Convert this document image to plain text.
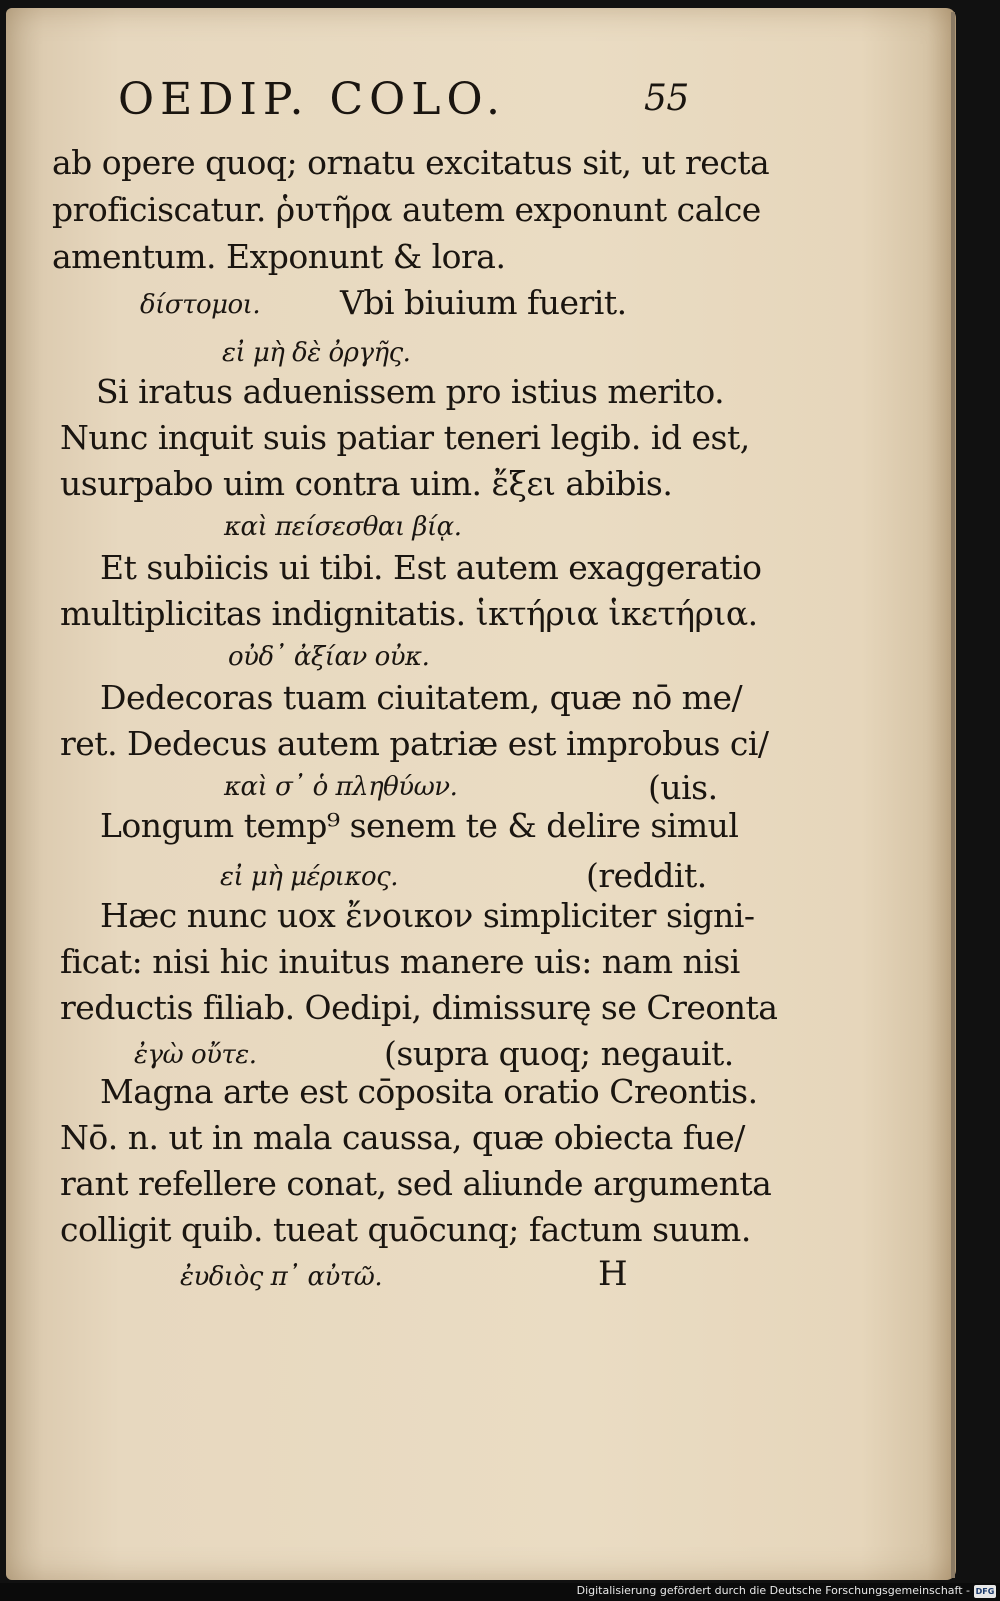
OEDIP. COLO.	55
ab opere quoq; ornatu excitatus sit, ut recta
proficiscatur. ῥυτῆρα autem exponunt calce
amentum. Exponunt & lora.
δίστομοι. Vbi biuium fuerit.
εἰ μὴ δὲ ὀργῆς.
Si iratus aduenissem pro istius merito.
Nunc inquit suis patiar teneri legib. id est,
usurpabo uim contra uim. ἔξει abibis.
καὶ πείσεσθαι βίᾳ.
Et subiicis ui tibi. Est autem exaggeratio
multiplicitas indignitatis. ἱκτήρια ἱκετήρια.
οὐδ᾽ ἀξίαν οὐκ.
Dedecoras tuam ciuitatem, quæ nō me/
ret. Dedecus autem patriæ est improbus ci/
καὶ σ᾽ ὁ πληθύων.	(uis.
Longum temp⁹ senem te & delire simul
εἰ μὴ μέρικος.	(reddit.
Hæc nunc uox ἔνοικον simpliciter signi-
ficat: nisi hic inuitus manere uis: nam nisi
reductis filiab. Oedipi, dimissurę se Creonta
ἐγὼ οὔτε.	(supra quoq; negauit.
Magna arte est cōposita oratio Creontis.
Nō. n. ut in mala caussa, quæ obiecta fue/
rant refellere conat, sed aliunde argumenta
colligit quib. tueat quōcunq; factum suum.
ἐυδιὸς π᾽ αὐτῶ.	H
Digitalisierung gefördert durch die Deutsche Forschungsgemeinschaft - DFG
